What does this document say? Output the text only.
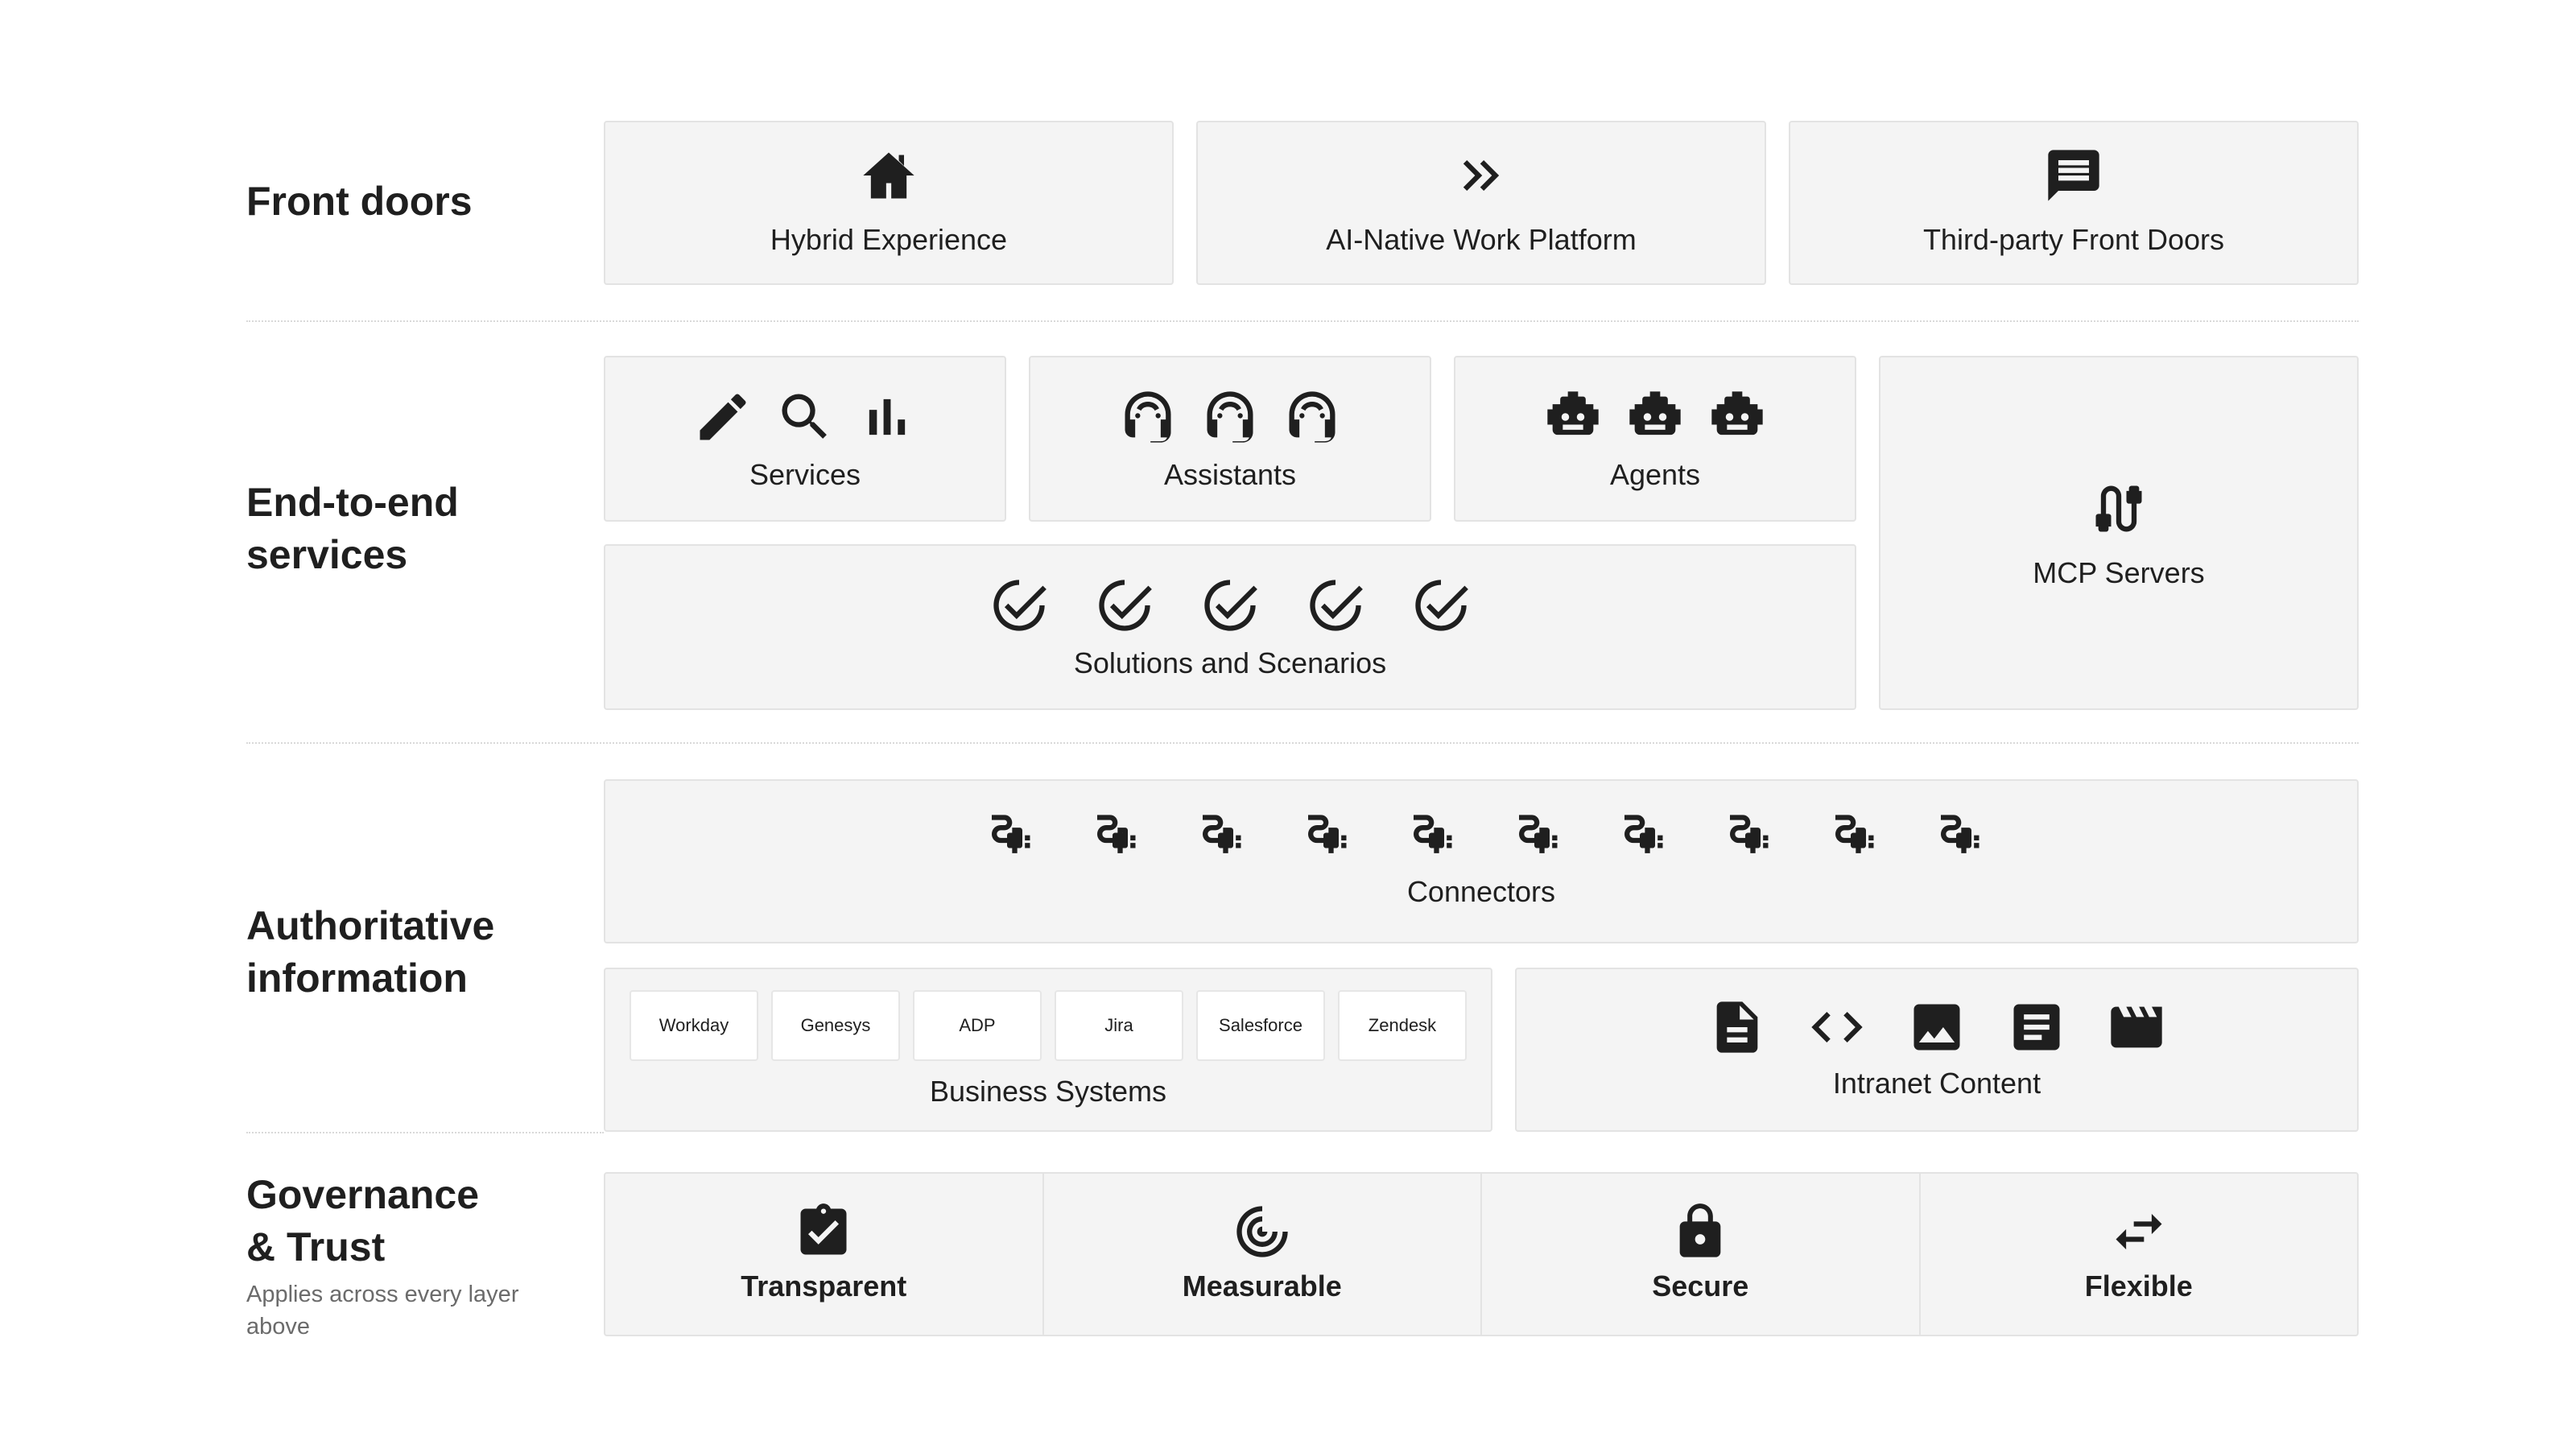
Front doors
Hybrid Experience	AI-Native Work Platform	Third-party Front Doors
End-to-end
services
Services	Assistants	Agents
Solutions and Scenarios
MCP Servers
Authoritative
information
Connectors
Workday	Genesys	ADP	Jira	Salesforce	Zendesk
Business Systems	Intranet Content
Governance
& Trust
Applies across every layer above
Transparent	Measurable	Secure	Flexible
